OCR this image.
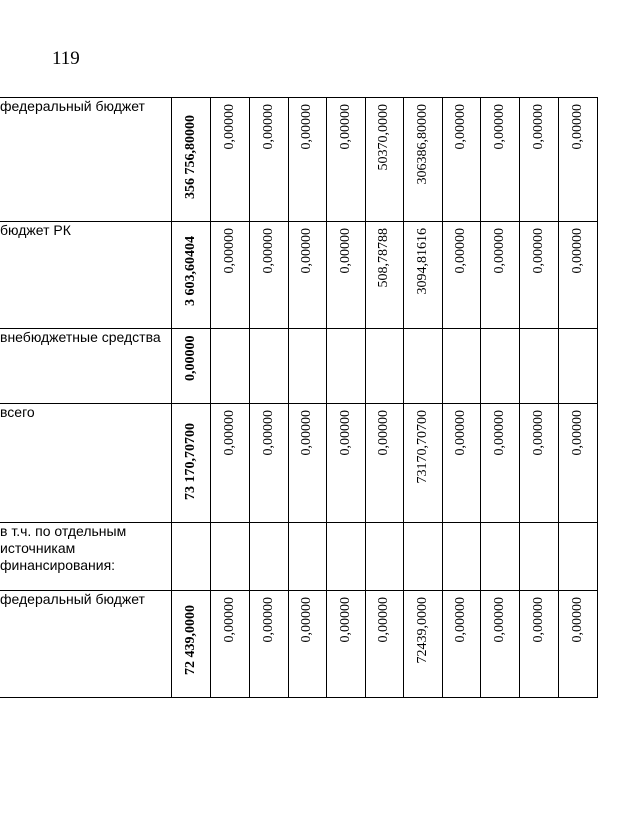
119
федеральный бюджет	356 756,80000	0,00000	0,00000	0,00000	0,00000	50370,0000	306386,80000	0,00000	0,00000	0,00000	0,00000

бюджет РК	3 603,60404	0,00000	0,00000	0,00000	0,00000	508,78788	3094,81616	0,00000	0,00000	0,00000	0,00000

внебюджетные средства	0,00000										

всего	73 170,70700	0,00000	0,00000	0,00000	0,00000	0,00000	73170,70700	0,00000	0,00000	0,00000	0,00000

в т.ч. по отдельным источникам финансирования:	

федеральный бюджет	72 439,0000	0,00000	0,00000	0,00000	0,00000	0,00000	72439,0000	0,00000	0,00000	0,00000	0,00000
